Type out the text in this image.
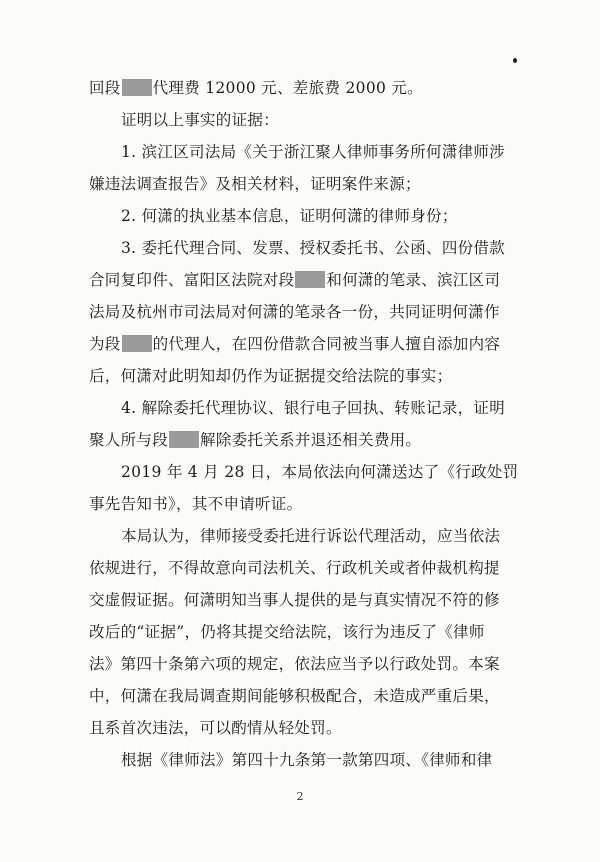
回段 代理费 12000 元、差旅费 2000 元。
证明以上事实的证据：
1. 滨江区司法局《关于浙江聚人律师事务所何潇律师涉
嫌违法调查报告》及相关材料，证明案件来源；
2. 何潇的执业基本信息，证明何潇的律师身份；
3. 委托代理合同、发票、授权委托书、公函、四份借款
合同复印件、富阳区法院对段 和何潇的笔录、滨江区司
法局及杭州市司法局对何潇的笔录各一份，共同证明何潇作
为段 的代理人，在四份借款合同被当事人擅自添加内容
后，何潇对此明知却仍作为证据提交给法院的事实；
4. 解除委托代理协议、银行电子回执、转账记录，证明
聚人所与段 解除委托关系并退还相关费用。
2019 年 4 月 28 日，本局依法向何潇送达了《行政处罚
事先告知书》，其不申请听证。
本局认为，律师接受委托进行诉讼代理活动，应当依法
依规进行，不得故意向司法机关、行政机关或者仲裁机构提
交虚假证据。何潇明知当事人提供的是与真实情况不符的修
改后的“证据”，仍将其提交给法院，该行为违反了《律师
法》第四十条第六项的规定，依法应当予以行政处罚。本案
中，何潇在我局调查期间能够积极配合，未造成严重后果，
且系首次违法，可以酌情从轻处罚。
根据《律师法》第四十九条第一款第四项、《律师和律
2
